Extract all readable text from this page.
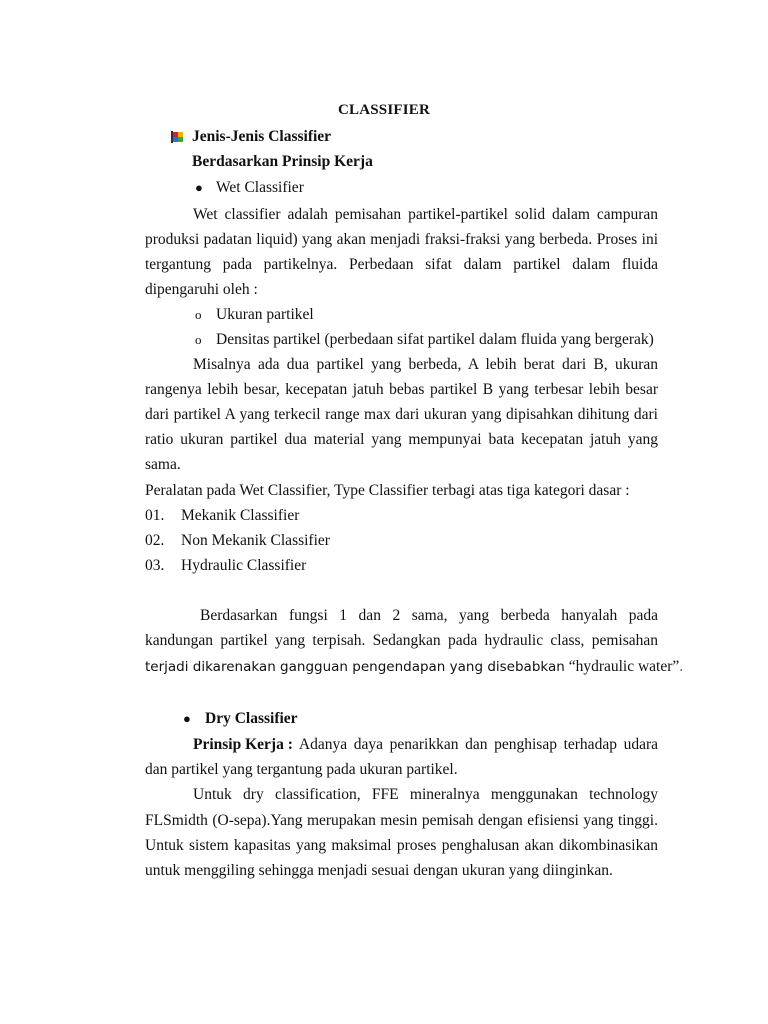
CLASSIFIER
Jenis-Jenis Classifier
Berdasarkan Prinsip Kerja
● Wet Classifier
Wet classifier adalah pemisahan partikel-partikel solid dalam campuran
produksi padatan liquid) yang akan menjadi fraksi-fraksi yang berbeda. Proses ini
tergantung pada partikelnya. Perbedaan sifat dalam partikel dalam fluida
dipengaruhi oleh :
o Ukuran partikel
o Densitas partikel (perbedaan sifat partikel dalam fluida yang bergerak)
Misalnya ada dua partikel yang berbeda, A lebih berat dari B, ukuran
rangenya lebih besar, kecepatan jatuh bebas partikel B yang terbesar lebih besar
dari partikel A yang terkecil range max dari ukuran yang dipisahkan dihitung dari
ratio ukuran partikel dua material yang mempunyai bata kecepatan jatuh yang
sama.
Peralatan pada Wet Classifier, Type Classifier terbagi atas tiga kategori dasar :
01. Mekanik Classifier
02. Non Mekanik Classifier
03. Hydraulic Classifier
Berdasarkan fungsi 1 dan 2 sama, yang berbeda hanyalah pada
kandungan partikel yang terpisah. Sedangkan pada hydraulic class, pemisahan
terjadi dikarenakan gangguan pengendapan yang disebabkan “hydraulic water”.
● Dry Classifier
Prinsip Kerja : Adanya daya penarikkan dan penghisap terhadap udara
dan partikel yang tergantung pada ukuran partikel.
Untuk dry classification, FFE mineralnya menggunakan technology
FLSmidth (O-sepa).Yang merupakan mesin pemisah dengan efisiensi yang tinggi.
Untuk sistem kapasitas yang maksimal proses penghalusan akan dikombinasikan
untuk menggiling sehingga menjadi sesuai dengan ukuran yang diinginkan.
